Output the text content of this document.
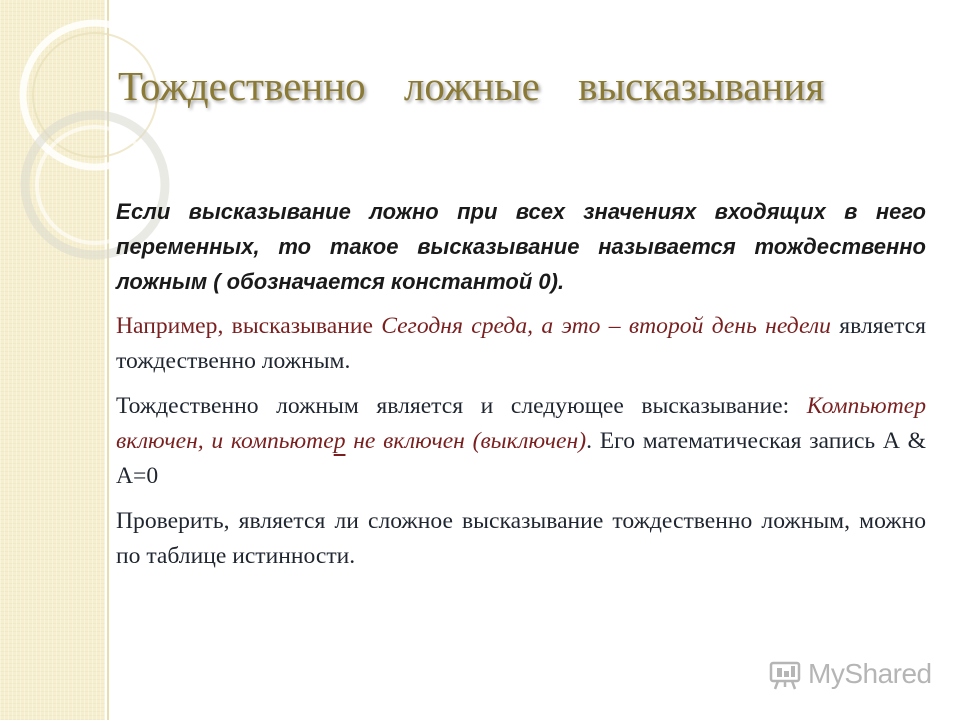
Тождественно ложные высказывания

Если высказывание ложно при всех значениях входящих в него переменных, то такое высказывание называется тождественно ложным ( обозначается константой 0).

Например, высказывание Сегодня среда, а это – второй день недели является тождественно ложным.

Тождественно ложным является и следующее высказывание: Компьютер включен, и компьютер не включен (выключен). Его математическая запись А & А=0

Проверить, является ли сложное высказывание тождественно ложным, можно по таблице истинности.

MyShared
